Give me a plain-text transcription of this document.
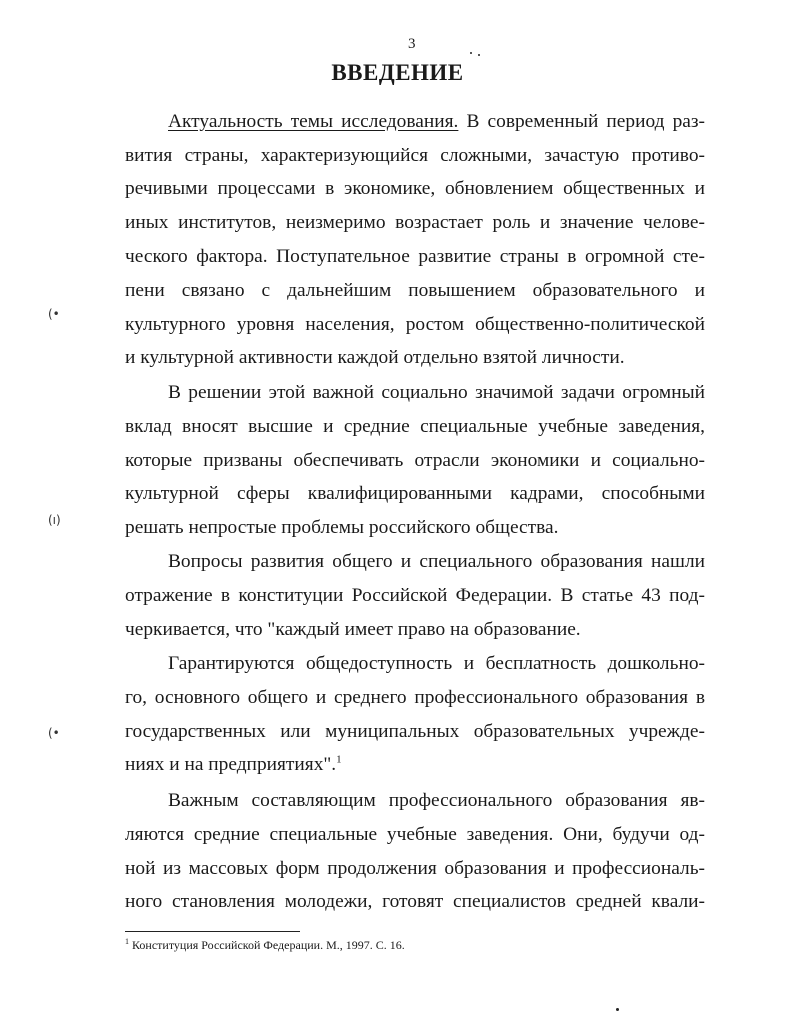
3
ВВЕДЕНИЕ
Актуальность темы исследования. В современный период раз-
вития страны, характеризующийся сложными, зачастую противо-
речивыми процессами в экономике, обновлением общественных и
иных институтов, неизмеримо возрастает роль и значение челове-
ческого фактора. Поступательное развитие страны в огромной сте-
пени связано с дальнейшим повышением образовательного и
культурного уровня населения, ростом общественно-политической
и культурной активности каждой отдельно взятой личности.
В решении этой важной социально значимой задачи огромный
вклад вносят высшие и средние специальные учебные заведения,
которые призваны обеспечивать отрасли экономики и социально-
культурной сферы квалифицированными кадрами, способными
решать непростые проблемы российского общества.
Вопросы развития общего и специального образования нашли
отражение в конституции Российской Федерации. В статье 43 под-
черкивается, что "каждый имеет право на образование.
Гарантируются общедоступность и бесплатность дошкольно-
го, основного общего и среднего профессионального образования в
государственных или муниципальных образовательных учрежде-
ниях и на предприятиях".$^1$
Важным составляющим профессионального образования яв-
ляются средние специальные учебные заведения. Они, будучи од-
ной из массовых форм продолжения образования и профессиональ-
ного становления молодежи, готовят специалистов средней квали-
$^1$ Конституция Российской Федерации. М., 1997. С. 16.
(•
(ı)
(•
